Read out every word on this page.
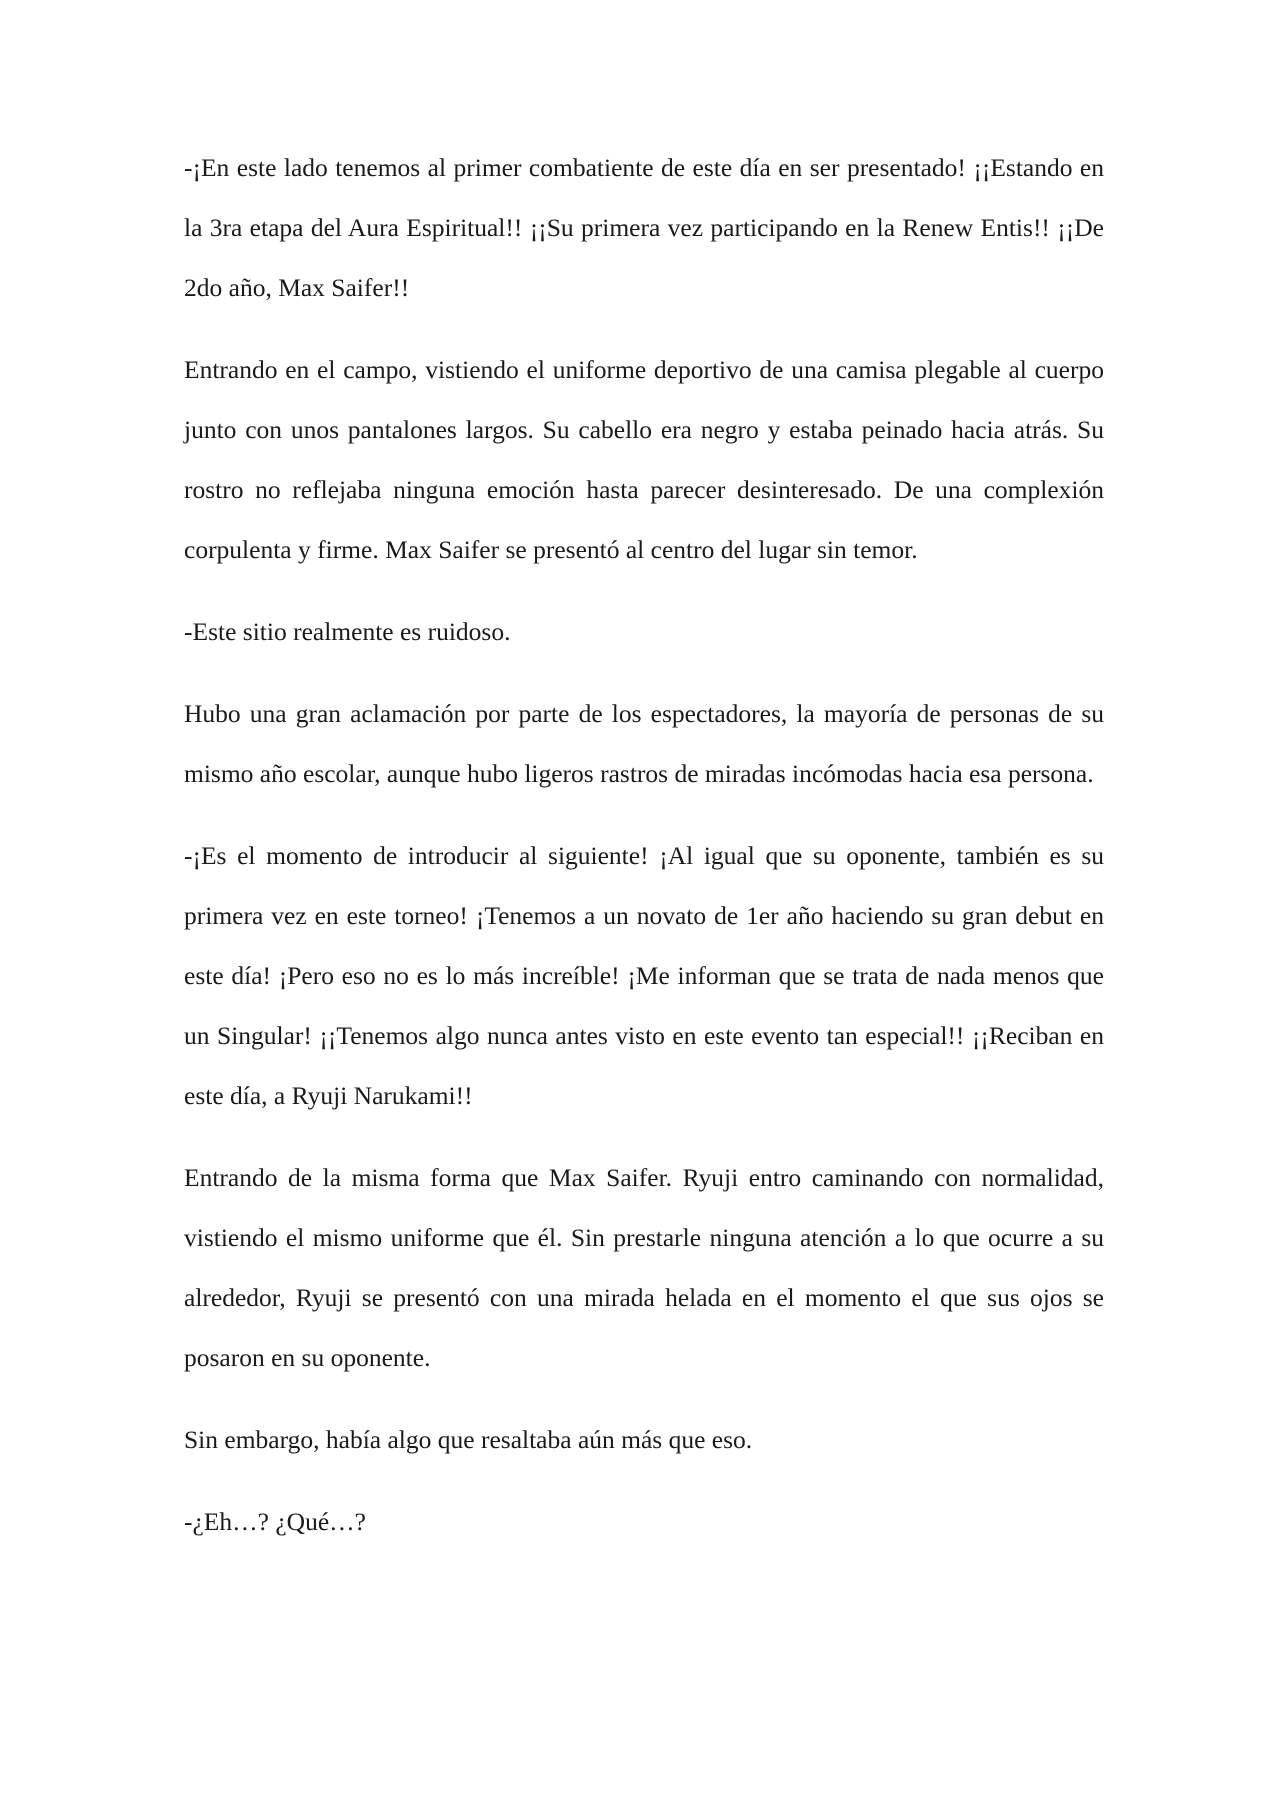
-¡En este lado tenemos al primer combatiente de este día en ser presentado! ¡¡Estando en la 3ra etapa del Aura Espiritual!! ¡¡Su primera vez participando en la Renew Entis!! ¡¡De 2do año, Max Saifer!!

Entrando en el campo, vistiendo el uniforme deportivo de una camisa plegable al cuerpo junto con unos pantalones largos. Su cabello era negro y estaba peinado hacia atrás. Su rostro no reflejaba ninguna emoción hasta parecer desinteresado. De una complexión corpulenta y firme. Max Saifer se presentó al centro del lugar sin temor.

-Este sitio realmente es ruidoso.

Hubo una gran aclamación por parte de los espectadores, la mayoría de personas de su mismo año escolar, aunque hubo ligeros rastros de miradas incómodas hacia esa persona.

-¡Es el momento de introducir al siguiente! ¡Al igual que su oponente, también es su primera vez en este torneo! ¡Tenemos a un novato de 1er año haciendo su gran debut en este día! ¡Pero eso no es lo más increíble! ¡Me informan que se trata de nada menos que un Singular! ¡¡Tenemos algo nunca antes visto en este evento tan especial!! ¡¡Reciban en este día, a Ryuji Narukami!!

Entrando de la misma forma que Max Saifer. Ryuji entro caminando con normalidad, vistiendo el mismo uniforme que él. Sin prestarle ninguna atención a lo que ocurre a su alrededor, Ryuji se presentó con una mirada helada en el momento el que sus ojos se posaron en su oponente.

Sin embargo, había algo que resaltaba aún más que eso.

-¿Eh…? ¿Qué…?
